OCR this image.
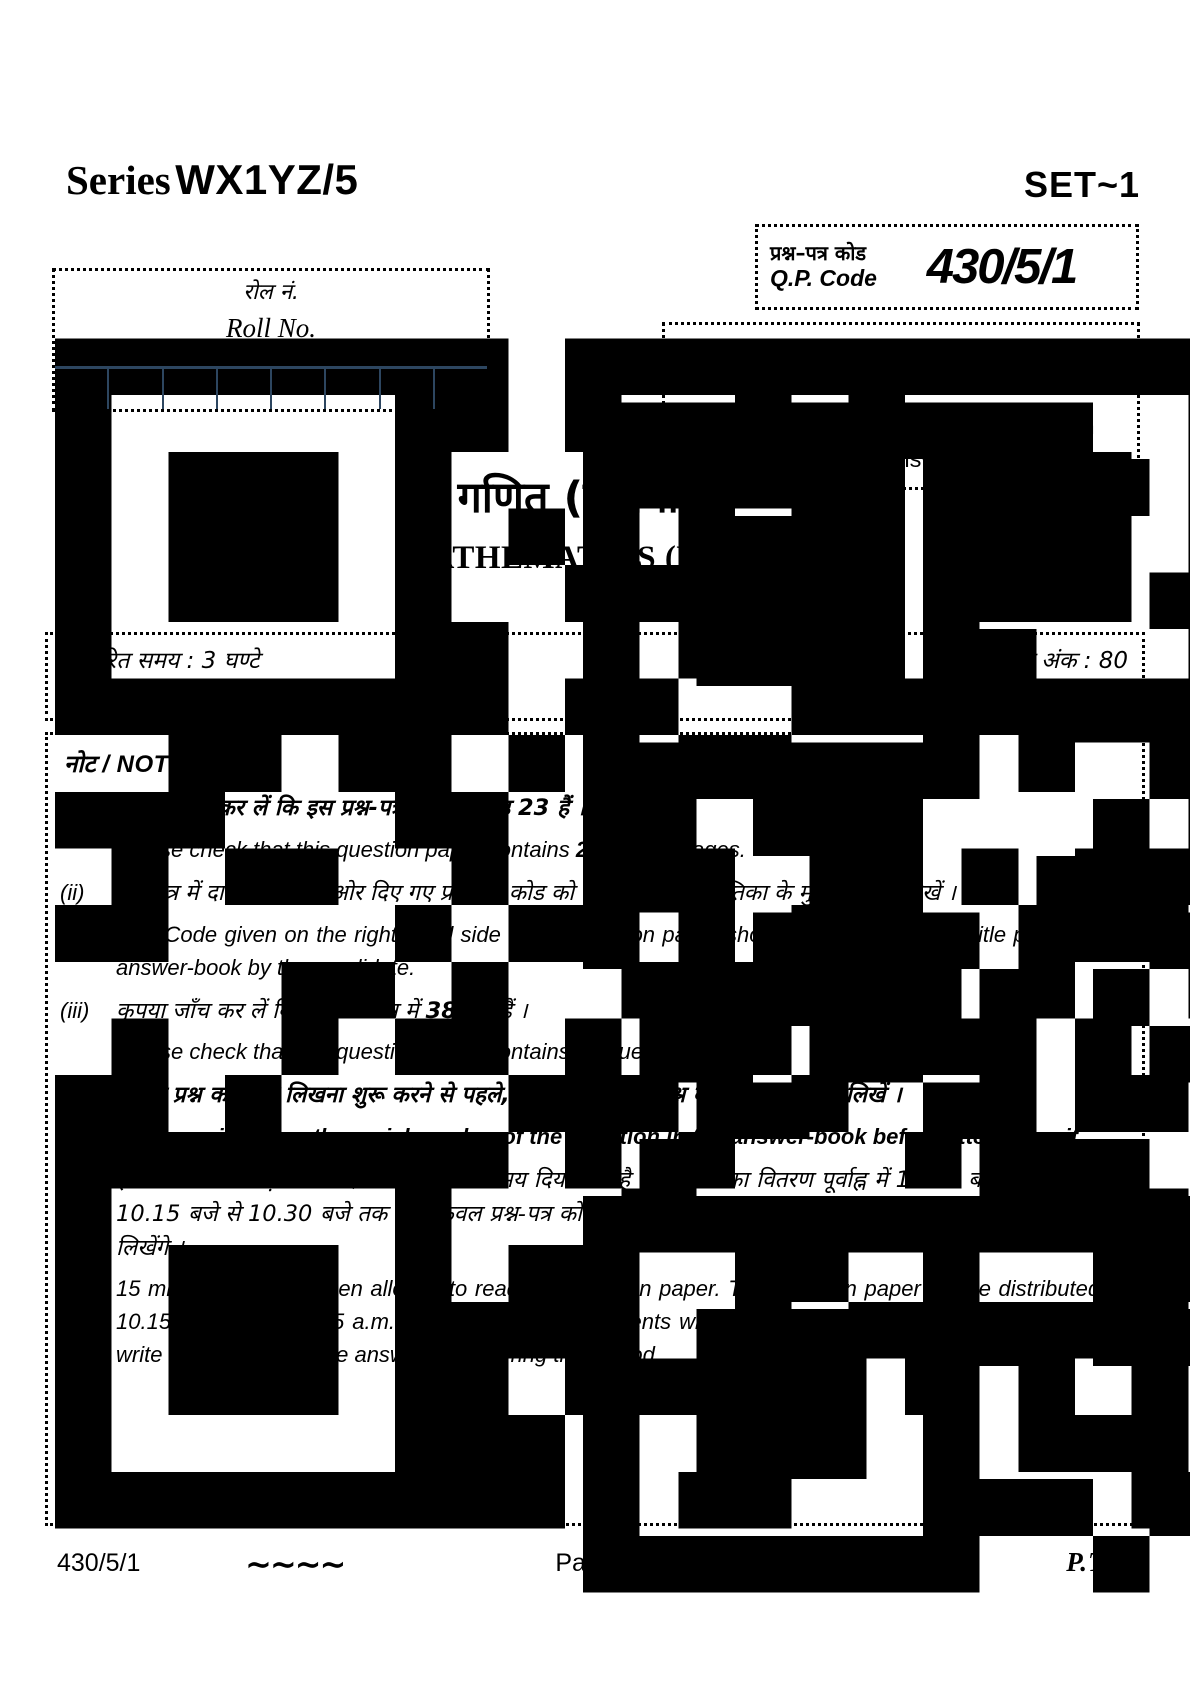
Series WX1YZ/5	SET~1
प्रश्न–पत्र कोड
Q.P. Code	430/5/1
परीक्षार्थी प्रश्न-पत्र कोड को उत्तर-पुस्तिका के मुख-पृष्ठ पर अवश्य लिखें ।
Candidates must write the Q.P. Code on the title page of the answer-book.
रोल नं.
Roll No.
गणित (बुनियादी)
MATHEMATICS (BASIC)
*
निर्धारित समय : 3 घण्टे	अधिकतम अंक : 80
Time allowed : 3 hours	Maximum Marks : 80
नोट / NOTE :
(i)	कृपया जाँच कर लें कि इस प्रश्न-पत्र में मुद्रित पृष्ठ 23 हैं ।
Please check that this question paper contains 23 printed pages.
(ii)	प्रश्न-पत्र में दाहिने हाथ की ओर दिए गए प्रश्न-पत्र कोड को परीक्षार्थी उत्तर-पुस्तिका के मुख-पृष्ठ पर लिखें ।
Q.P. Code given on the right hand side of the question paper should be written on the title page of the answer-book by the candidate.
(iii)	कृपया जाँच कर लें कि इस प्रश्न-पत्र में 38 प्रश्न हैं ।
Please check that this question paper contains 38 questions.
(iv)	कृपया प्रश्न का उत्तर लिखना शुरू करने से पहले, उत्तर-पुस्तिका में प्रश्न का क्रमांक अवश्य लिखें ।
Please write down the serial number of the question in the answer-book before attempting it.
(v)	इस प्रश्न-पत्र को पढ़ने के लिए 15 मिनट का समय दिया गया है । प्रश्न-पत्र का वितरण पूर्वाह्न में 10.15 बजे किया जाएगा । 10.15 बजे से 10.30 बजे तक छात्र केवल प्रश्न-पत्र को पढ़ेंगे और इस अवधि के दौरान वे उत्तर-पुस्तिका पर कोई उत्तर नहीं लिखेंगे ।
15 minute time has been allotted to read this question paper. The question paper will be distributed at 10.15 a.m. From 10.15 a.m. to 10.30 a.m., the students will read the question paper only and will not write any answer on the answer-book during this period.
430/5/1	∼∼∼∼	Page 1	P.T.O.
